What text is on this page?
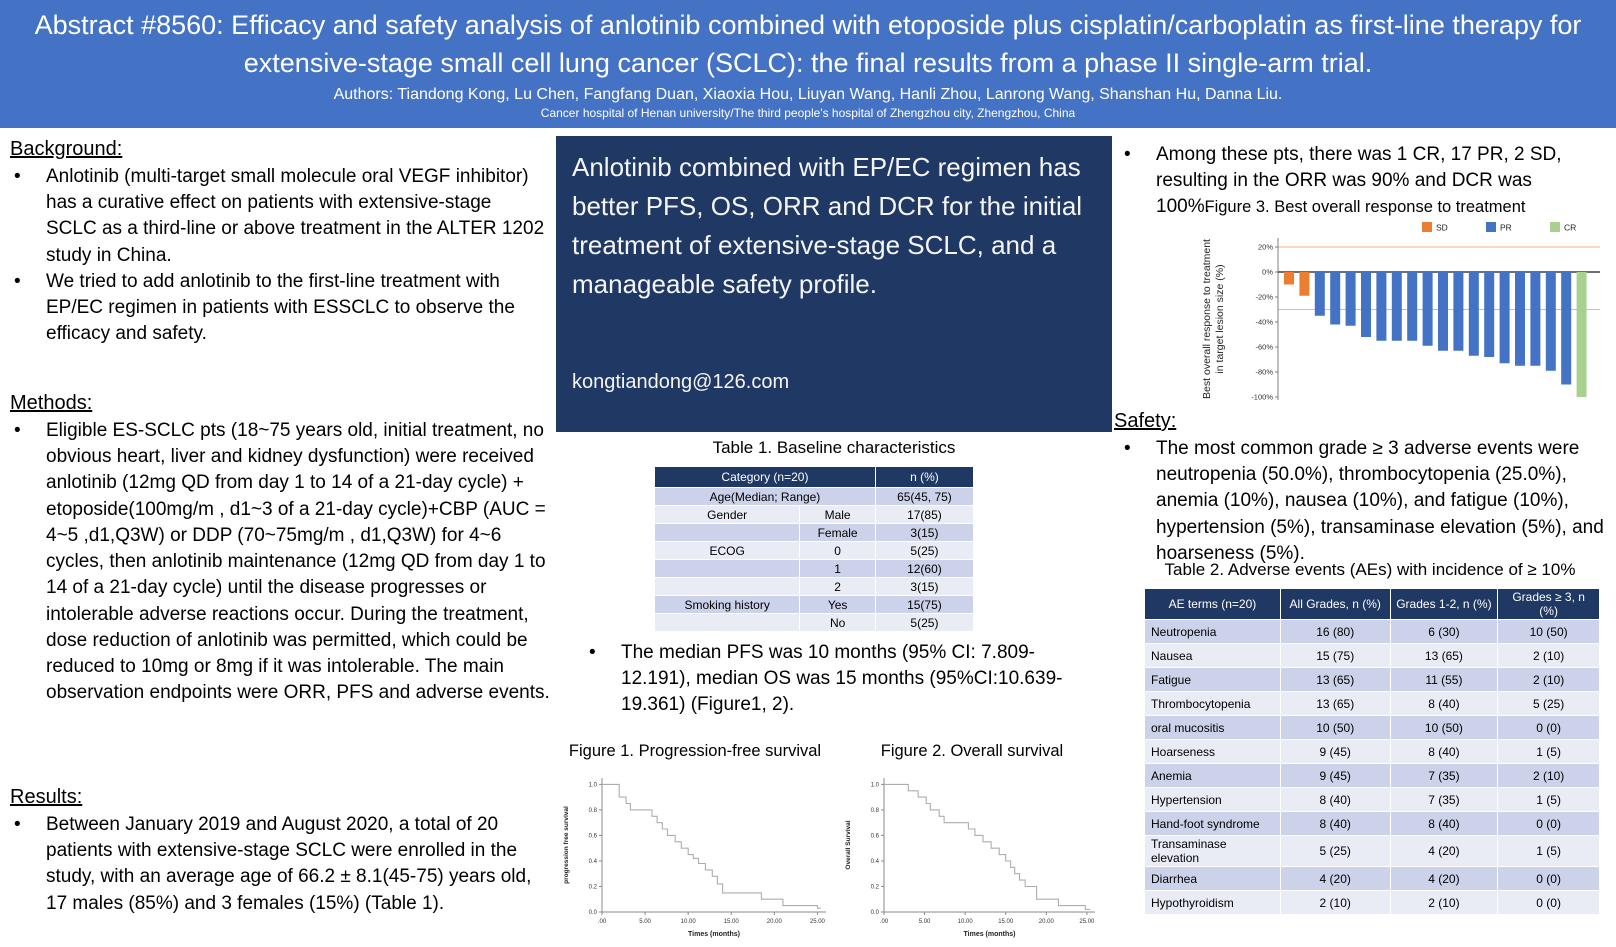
Abstract #8560: Efficacy and safety analysis of anlotinib combined with etoposide plus cisplatin/carboplatin as first-line therapy for extensive-stage small cell lung cancer (SCLC): the final results from a phase II single-arm trial.
Authors: Tiandong Kong, Lu Chen, Fangfang Duan, Xiaoxia Hou, Liuyan Wang, Hanli Zhou, Lanrong Wang, Shanshan Hu, Danna Liu.
Cancer hospital of Henan university/The third people's hospital of Zhengzhou city, Zhengzhou, China
Background:
• Anlotinib (multi-target small molecule oral VEGF inhibitor) has a curative effect on patients with extensive-stage SCLC as a third-line or above treatment in the ALTER 1202 study in China.
• We tried to add anlotinib to the first-line treatment with EP/EC regimen in patients with ESSCLC to observe the efficacy and safety.
Methods:
• Eligible ES-SCLC pts (18~75 years old, initial treatment, no obvious heart, liver and kidney dysfunction) were received anlotinib (12mg QD from day 1 to 14 of a 21-day cycle) + etoposide(100mg/m , d1~3 of a 21-day cycle)+CBP (AUC = 4~5 ,d1,Q3W) or DDP (70~75mg/m , d1,Q3W) for 4~6 cycles, then anlotinib maintenance (12mg QD from day 1 to 14 of a 21-day cycle) until the disease progresses or intolerable adverse reactions occur. During the treatment, dose reduction of anlotinib was permitted, which could be reduced to 10mg or 8mg if it was intolerable. The main observation endpoints were ORR, PFS and adverse events.
Results:
• Between January 2019 and August 2020, a total of 20 patients with extensive-stage SCLC were enrolled in the study, with an average age of 66.2 ± 8.1(45-75) years old, 17 males (85%) and 3 females (15%) (Table 1).
Anlotinib combined with EP/EC regimen has better PFS, OS, ORR and DCR for the initial treatment of extensive-stage SCLC, and a manageable safety profile.
kongtiandong@126.com
Table 1. Baseline characteristics
Category (n=20)		n (%)
Age(Median; Range)		65(45, 75)
Gender	Male	17(85)
	Female	3(15)
ECOG	0	5(25)
	1	12(60)
	2	3(15)
Smoking history	Yes	15(75)
	No	5(25)
• The median PFS was 10 months (95% CI: 7.809-12.191), median OS was 15 months (95%CI:10.639-19.361) (Figure1, 2).
Figure 1. Progression-free survival	Figure 2. Overall survival
.00	5.00	10.00	15.00	20.00	25.00
0.0
0.2
0.4
0.6
0.8
1.0
Times (months)
progression free survival
.00	5.00	10.00	15.00	20.00	25.00
0.0
0.2
0.4
0.6
0.8
1.0
Times (months)
Overall Survival
• Among these pts, there was 1 CR, 17 PR, 2 SD, resulting in the ORR was 90% and DCR was 100%.
Figure 3. Best overall response to treatment
SD	PR	CR
20%
0%
-20%
-40%
-60%
-80%
-100%
Best overall response to treatment in target lesion size (%)
Safety:
• The most common grade ≥ 3 adverse events were neutropenia (50.0%), thrombocytopenia (25.0%), anemia (10%), nausea (10%), and fatigue (10%), hypertension (5%), transaminase elevation (5%), and hoarseness (5%).
Table 2. Adverse events (AEs) with incidence of ≥ 10%
AE terms (n=20)	All Grades, n (%)	Grades 1-2, n (%)	Grades ≥ 3, n (%)
Neutropenia	16 (80)	6 (30)	10 (50)
Nausea	15 (75)	13 (65)	2 (10)
Fatigue	13 (65)	11 (55)	2 (10)
Thrombocytopenia	13 (65)	8 (40)	5 (25)
oral mucositis	10 (50)	10 (50)	0 (0)
Hoarseness	9 (45)	8 (40)	1 (5)
Anemia	9 (45)	7 (35)	2 (10)
Hypertension	8 (40)	7 (35)	1 (5)
Hand-foot syndrome	8 (40)	8 (40)	0 (0)
Transaminase elevation	5 (25)	4 (20)	1 (5)
Diarrhea	4 (20)	4 (20)	0 (0)
Hypothyroidism	2 (10)	2 (10)	0 (0)
